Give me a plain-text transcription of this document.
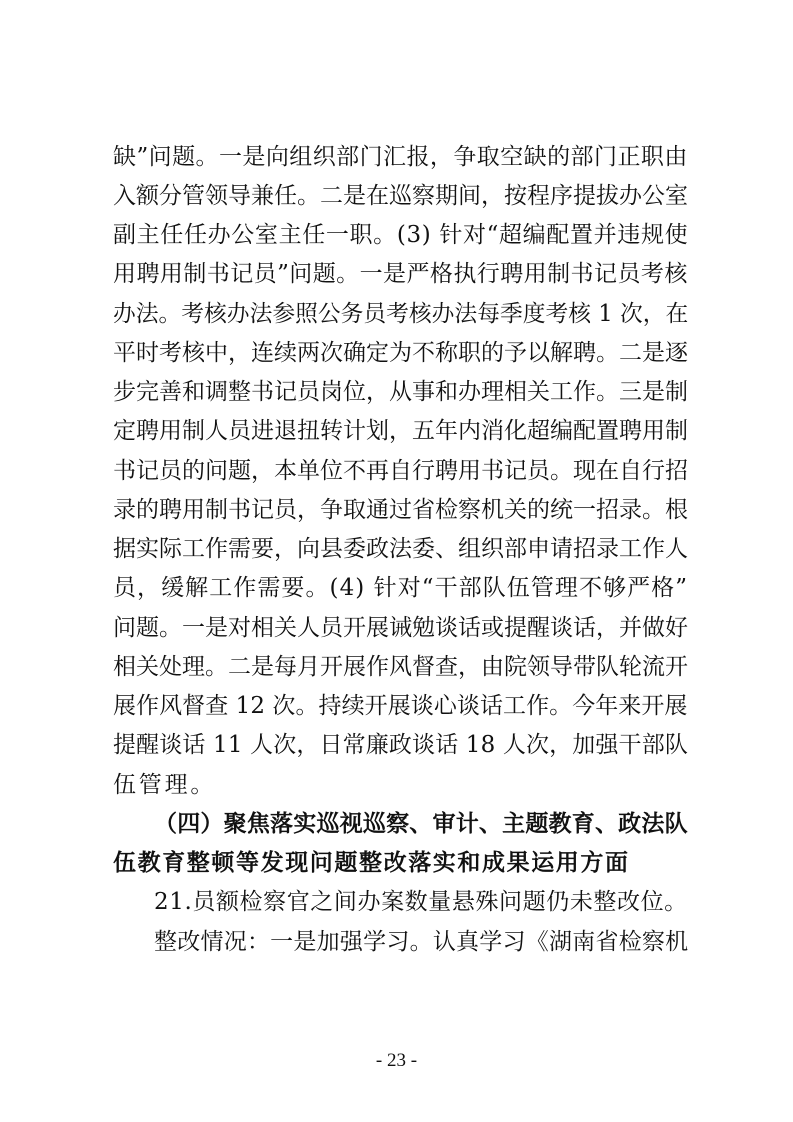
缺”问题。一是向组织部门汇报，争取空缺的部门正职由
入额分管领导兼任。二是在巡察期间，按程序提拔办公室
副主任任办公室主任一职。(3) 针对“超编配置并违规使
用聘用制书记员”问题。一是严格执行聘用制书记员考核
办法。考核办法参照公务员考核办法每季度考核 1 次，在
平时考核中，连续两次确定为不称职的予以解聘。二是逐
步完善和调整书记员岗位，从事和办理相关工作。三是制
定聘用制人员进退扭转计划，五年内消化超编配置聘用制
书记员的问题，本单位不再自行聘用书记员。现在自行招
录的聘用制书记员，争取通过省检察机关的统一招录。根
据实际工作需要，向县委政法委、组织部申请招录工作人
员，缓解工作需要。(4) 针对“干部队伍管理不够严格”
问题。一是对相关人员开展诫勉谈话或提醒谈话，并做好
相关处理。二是每月开展作风督查，由院领导带队轮流开
展作风督查 12 次。持续开展谈心谈话工作。今年来开展
提醒谈话 11 人次，日常廉政谈话 18 人次，加强干部队
伍管理。
（四）聚焦落实巡视巡察、审计、主题教育、政法队
伍教育整顿等发现问题整改落实和成果运用方面
21.员额检察官之间办案数量悬殊问题仍未整改位。
整改情况：一是加强学习。认真学习《湖南省检察机
- 23 -
